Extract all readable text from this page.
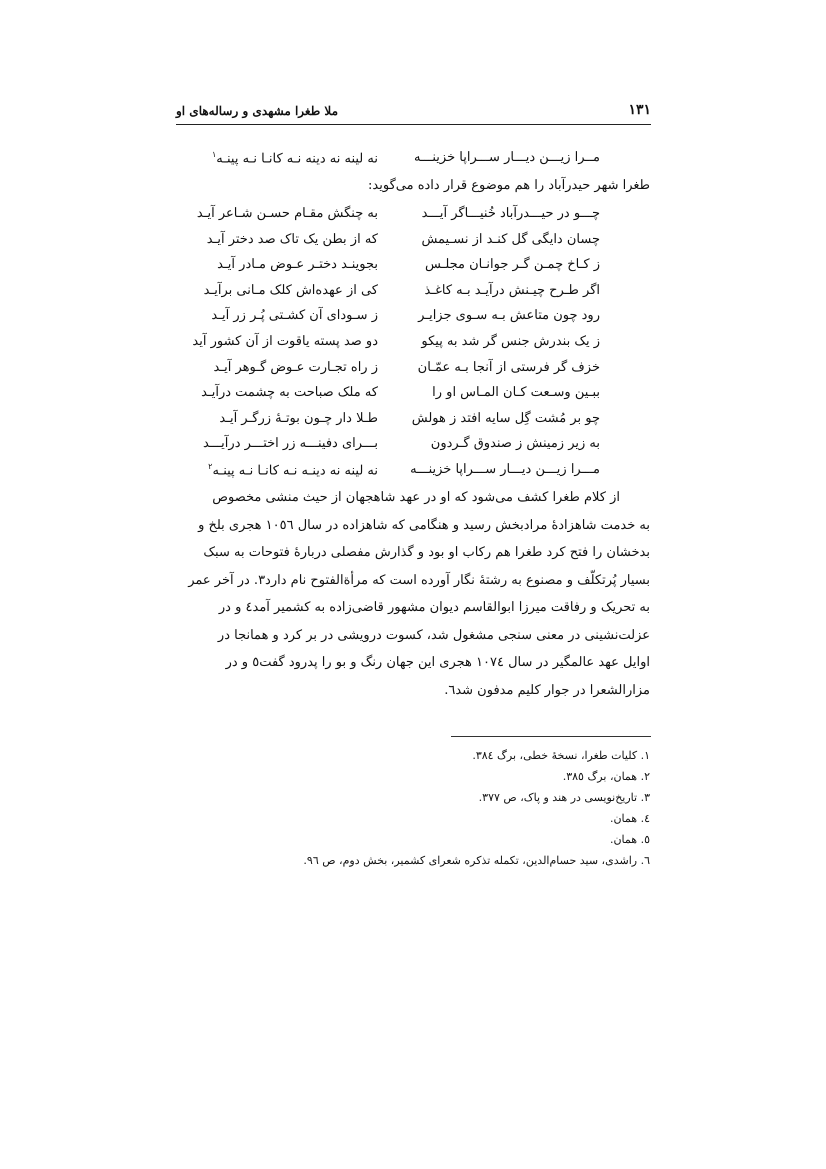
١٣١
ملا طغرا مشهدی و رساله‌های او
مــرا زیـــن دیـــار ســـراپا خزینـــه
نه لینه نه دینه نـه کانـا نـه پینـه$^١$
طغرا شهر حیدرآباد را هم موضوع قرار داده می‌گوید:
چـــو در حیـــدرآباد خُنیـــاگر آیـــد
به چنگش مقـام حسـن شـاعر آیـد
چسان دایگی گل کنـد از نسـیمش
که از بطن یک تاک صد دختر آیـد
ز کـاخ چمـن گـر جوانـان مجلـس
بجوینـد دختـر عـوض مـادر آیـد
اگر طـرح چیـنش درآیـد بـه کاغـذ
کی از عهده‌اش کلک مـانی برآیـد
رود چون متاعش بـه سـوی جزایـر
ز سـودای آن کشـتی پُـر زر آیـد
ز یک بندرش جنس گر شد به پیکو
دو صد پسته یاقوت از آن کشور آید
خزف گر فرستی از آنجا بـه عمّـان
ز راه تجـارت عـوض گـوهر آیـد
ببـین وسـعت کـان المـاس او را
که ملک صباحت به چشمت درآیـد
چو بر مُشت گِل سایه افتد ز هولش
طـلا دار چـون بوتـهٔ زرگـر آیـد
به زیر زمینش ز صندوق گـردون
بـــرای دفینـــه زر اختـــر درآیـــد
مـــرا زیـــن دیـــار ســـراپا خزینـــه
نه لینه نه دینـه نـه کانـا نـه پینـه$^٢$
از کلام طغرا کشف می‌شود که او در عهد شاهجهان از حیث منشی مخصوص
به خدمت شاهزادهٔ مرادبخش رسید و هنگامی که شاهزاده در سال ١٠٥٦ هجری بلخ و
بدخشان را فتح کرد طغرا هم رکاب او بود و گذارش مفصلی دربارهٔ فتوحات به سبک
بسیار پُرتکلّف و مصنوع به رشتهٔ نگار آورده است که مرأةالفتوح نام دارد٣. در آخر عمر
به تحریک و رفاقت میرزا ابوالقاسم دیوان مشهور قاضی‌زاده به کشمیر آمد٤ و در
عزلت‌نشینی در معنی سنجی مشغول شد، کسوت درویشی در بر کرد و همانجا در
اوایل عهد عالمگیر در سال ١٠٧٤ هجری این جهان رنگ و بو را پدرود گفت٥ و در
مزارالشعرا در جوار کلیم مدفون شد٦.
١. کلیات طغرا، نسخهٔ خطی، برگ ٣٨٤.
٢. همان، برگ ٣٨٥.
٣. تاریخ‌نویسی در هند و پاک، ص ٣٧٧.
٤. همان.
٥. همان.
٦. راشدی، سید حسام‌الدین، تکمله تذکره شعرای کشمیر، بخش دوم، ص ٩٦.
